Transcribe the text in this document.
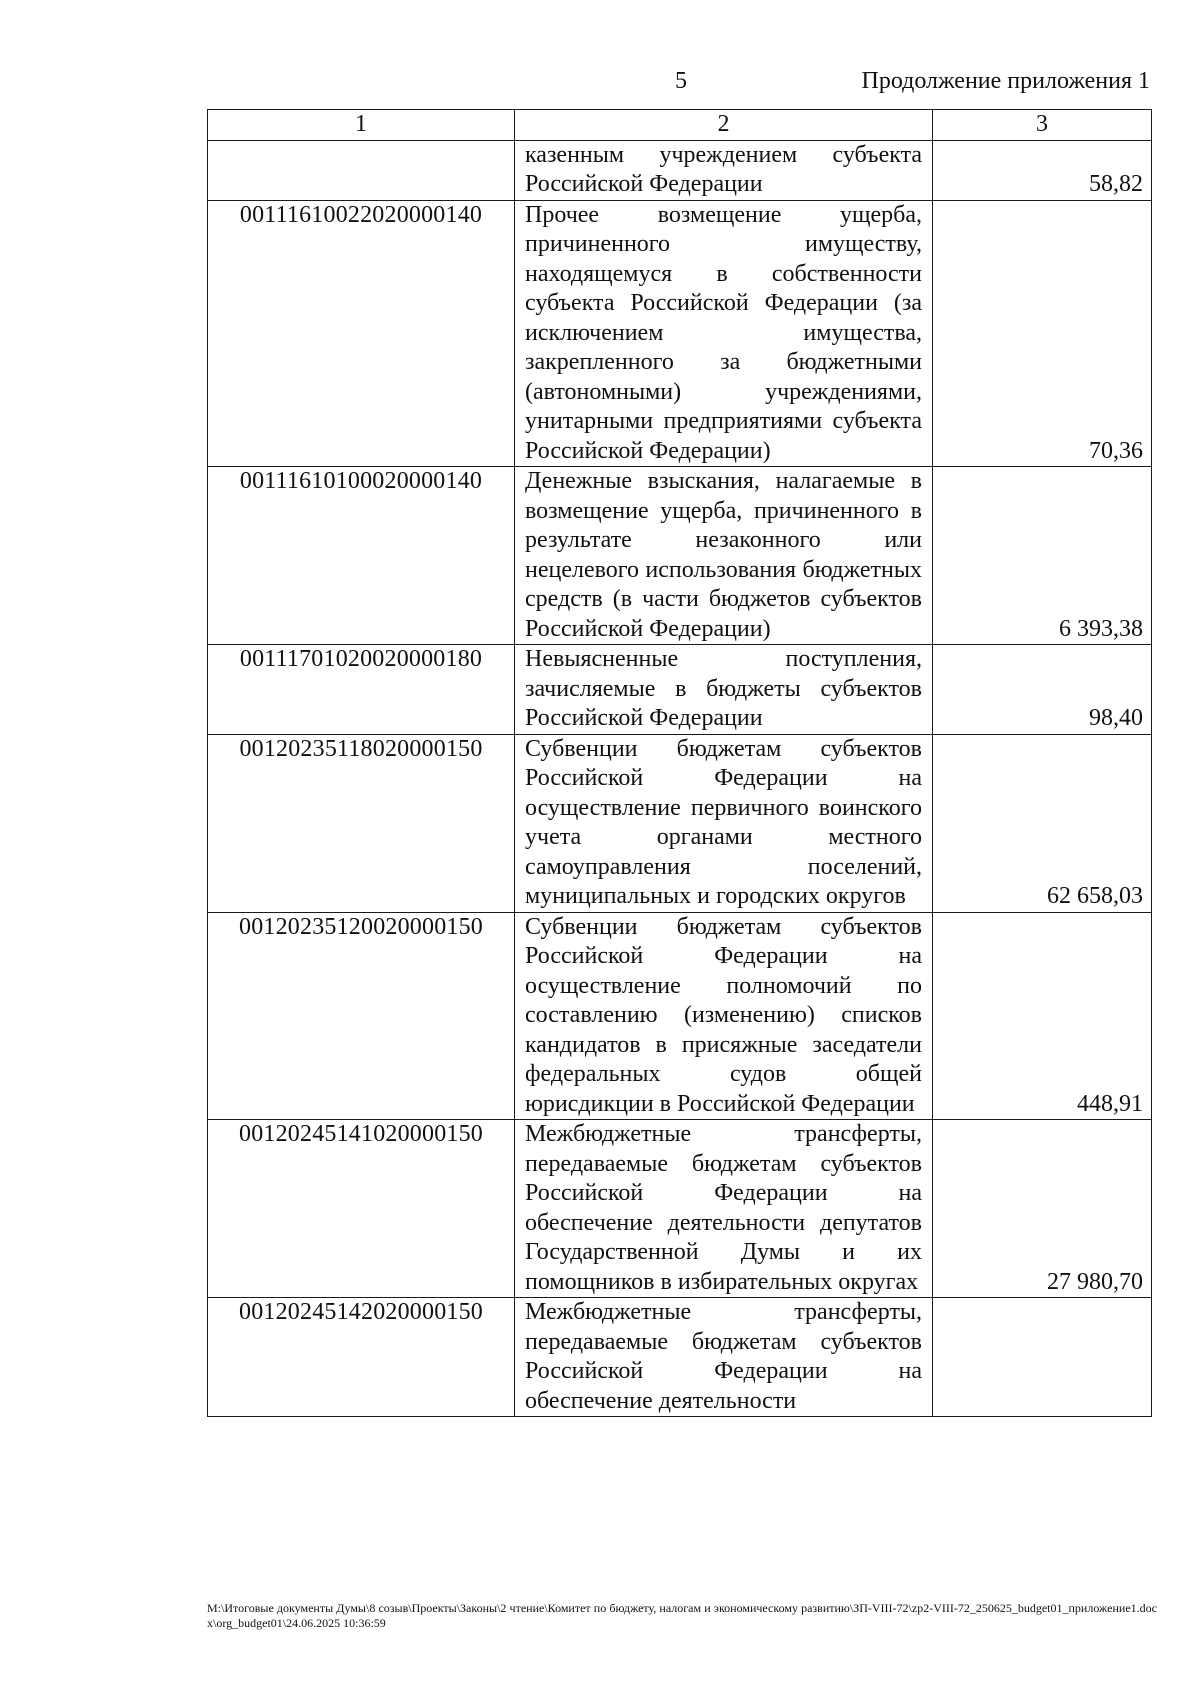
5	Продолжение приложения 1
1	2	3
	казенным учреждением субъекта Российской Федерации	58,82
00111610022020000140	Прочее возмещение ущерба, причиненного имуществу, находящемуся в собственности субъекта Российской Федерации (за исключением имущества, закрепленного за бюджетными (автономными) учреждениями, унитарными предприятиями субъекта Российской Федерации)	70,36
00111610100020000140	Денежные взыскания, налагаемые в возмещение ущерба, причиненного в результате незаконного или нецелевого использования бюджетных средств (в части бюджетов субъектов Российской Федерации)	6 393,38
00111701020020000180	Невыясненные поступления, зачисляемые в бюджеты субъектов Российской Федерации	98,40
00120235118020000150	Субвенции бюджетам субъектов Российской Федерации на осуществление первичного воинского учета органами местного самоуправления поселений, муниципальных и городских округов	62 658,03
00120235120020000150	Субвенции бюджетам субъектов Российской Федерации на осуществление полномочий по составлению (изменению) списков кандидатов в присяжные заседатели федеральных судов общей юрисдикции в Российской Федерации	448,91
00120245141020000150	Межбюджетные трансферты, передаваемые бюджетам субъектов Российской Федерации на обеспечение деятельности депутатов Государственной Думы и их помощников в избирательных округах	27 980,70
00120245142020000150	Межбюджетные трансферты, передаваемые бюджетам субъектов Российской Федерации на обеспечение деятельности	
М:\Итоговые документы Думы\8 созыв\Проекты\Законы\2 чтение\Комитет по бюджету, налогам и экономическому развитию\ЗП-VIII-72\zp2-VIII-72_250625_budget01_приложение1.docx\org_budget01\24.06.2025 10:36:59
